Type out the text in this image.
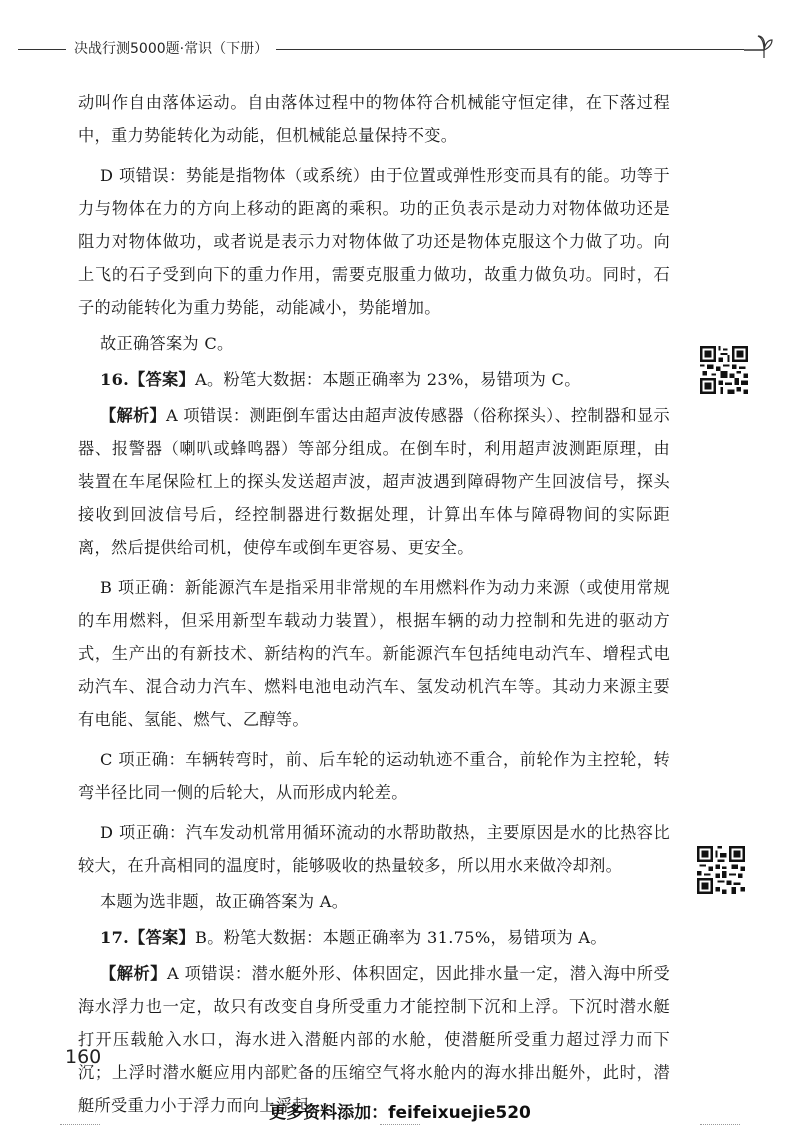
决战行测5000题·常识（下册）

动叫作自由落体运动。自由落体过程中的物体符合机械能守恒定律，在下落过程中，重力势能转化为动能，但机械能总量保持不变。

D 项错误：势能是指物体（或系统）由于位置或弹性形变而具有的能。功等于力与物体在力的方向上移动的距离的乘积。功的正负表示是动力对物体做功还是阻力对物体做功，或者说是表示力对物体做了功还是物体克服这个力做了功。向上飞的石子受到向下的重力作用，需要克服重力做功，故重力做负功。同时，石子的动能转化为重力势能，动能减小，势能增加。

故正确答案为 C。

16.【答案】A。粉笔大数据：本题正确率为 23%，易错项为 C。

【解析】A 项错误：测距倒车雷达由超声波传感器（俗称探头）、控制器和显示器、报警器（喇叭或蜂鸣器）等部分组成。在倒车时，利用超声波测距原理，由装置在车尾保险杠上的探头发送超声波，超声波遇到障碍物产生回波信号，探头接收到回波信号后，经控制器进行数据处理，计算出车体与障碍物间的实际距离，然后提供给司机，使停车或倒车更容易、更安全。

B 项正确：新能源汽车是指采用非常规的车用燃料作为动力来源（或使用常规的车用燃料，但采用新型车载动力装置），根据车辆的动力控制和先进的驱动方式，生产出的有新技术、新结构的汽车。新能源汽车包括纯电动汽车、增程式电动汽车、混合动力汽车、燃料电池电动汽车、氢发动机汽车等。其动力来源主要有电能、氢能、燃气、乙醇等。

C 项正确：车辆转弯时，前、后车轮的运动轨迹不重合，前轮作为主控轮，转弯半径比同一侧的后轮大，从而形成内轮差。

D 项正确：汽车发动机常用循环流动的水帮助散热，主要原因是水的比热容比较大，在升高相同的温度时，能够吸收的热量较多，所以用水来做冷却剂。

本题为选非题，故正确答案为 A。

17.【答案】B。粉笔大数据：本题正确率为 31.75%，易错项为 A。

【解析】A 项错误：潜水艇外形、体积固定，因此排水量一定，潜入海中所受海水浮力也一定，故只有改变自身所受重力才能控制下沉和上浮。下沉时潜水艇打开压载舱入水口，海水进入潜艇内部的水舱，使潜艇所受重力超过浮力而下沉；上浮时潜水艇应用内部贮备的压缩空气将水舱内的海水排出艇外，此时，潜艇所受重力小于浮力而向上浮起。

160
更多资料添加：feifeixuejie520
